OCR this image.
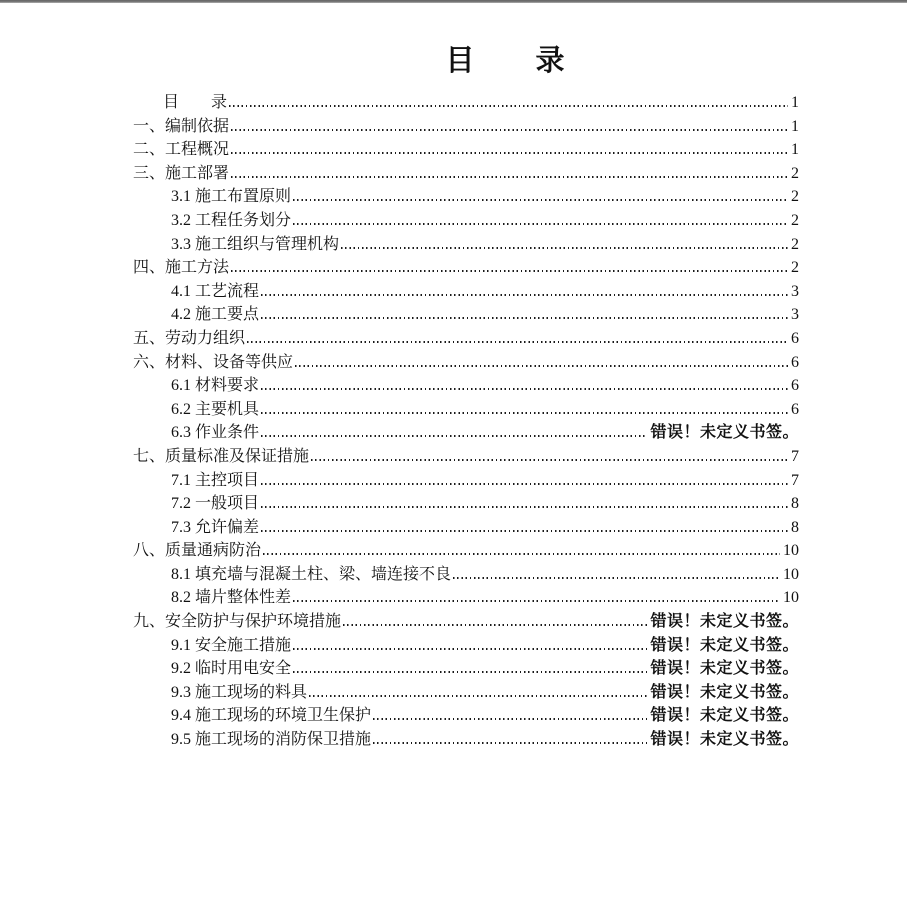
目　　录
目　　录	1
一、编制依据	1
二、工程概况	1
三、施工部署	2
3.1 施工布置原则	2
3.2 工程任务划分	2
3.3 施工组织与管理机构	2
四、施工方法	2
4.1 工艺流程	3
4.2 施工要点	3
五、劳动力组织	6
六、材料、设备等供应	6
6.1 材料要求	6
6.2 主要机具	6
6.3 作业条件	错误！未定义书签。
七、质量标准及保证措施	7
7.1 主控项目	7
7.2 一般项目	8
7.3 允许偏差	8
八、质量通病防治	10
8.1 填充墙与混凝土柱、梁、墙连接不良	10
8.2 墙片整体性差	10
九、安全防护与保护环境措施	错误！未定义书签。
9.1 安全施工措施	错误！未定义书签。
9.2 临时用电安全	错误！未定义书签。
9.3 施工现场的料具	错误！未定义书签。
9.4 施工现场的环境卫生保护	错误！未定义书签。
9.5 施工现场的消防保卫措施	错误！未定义书签。
